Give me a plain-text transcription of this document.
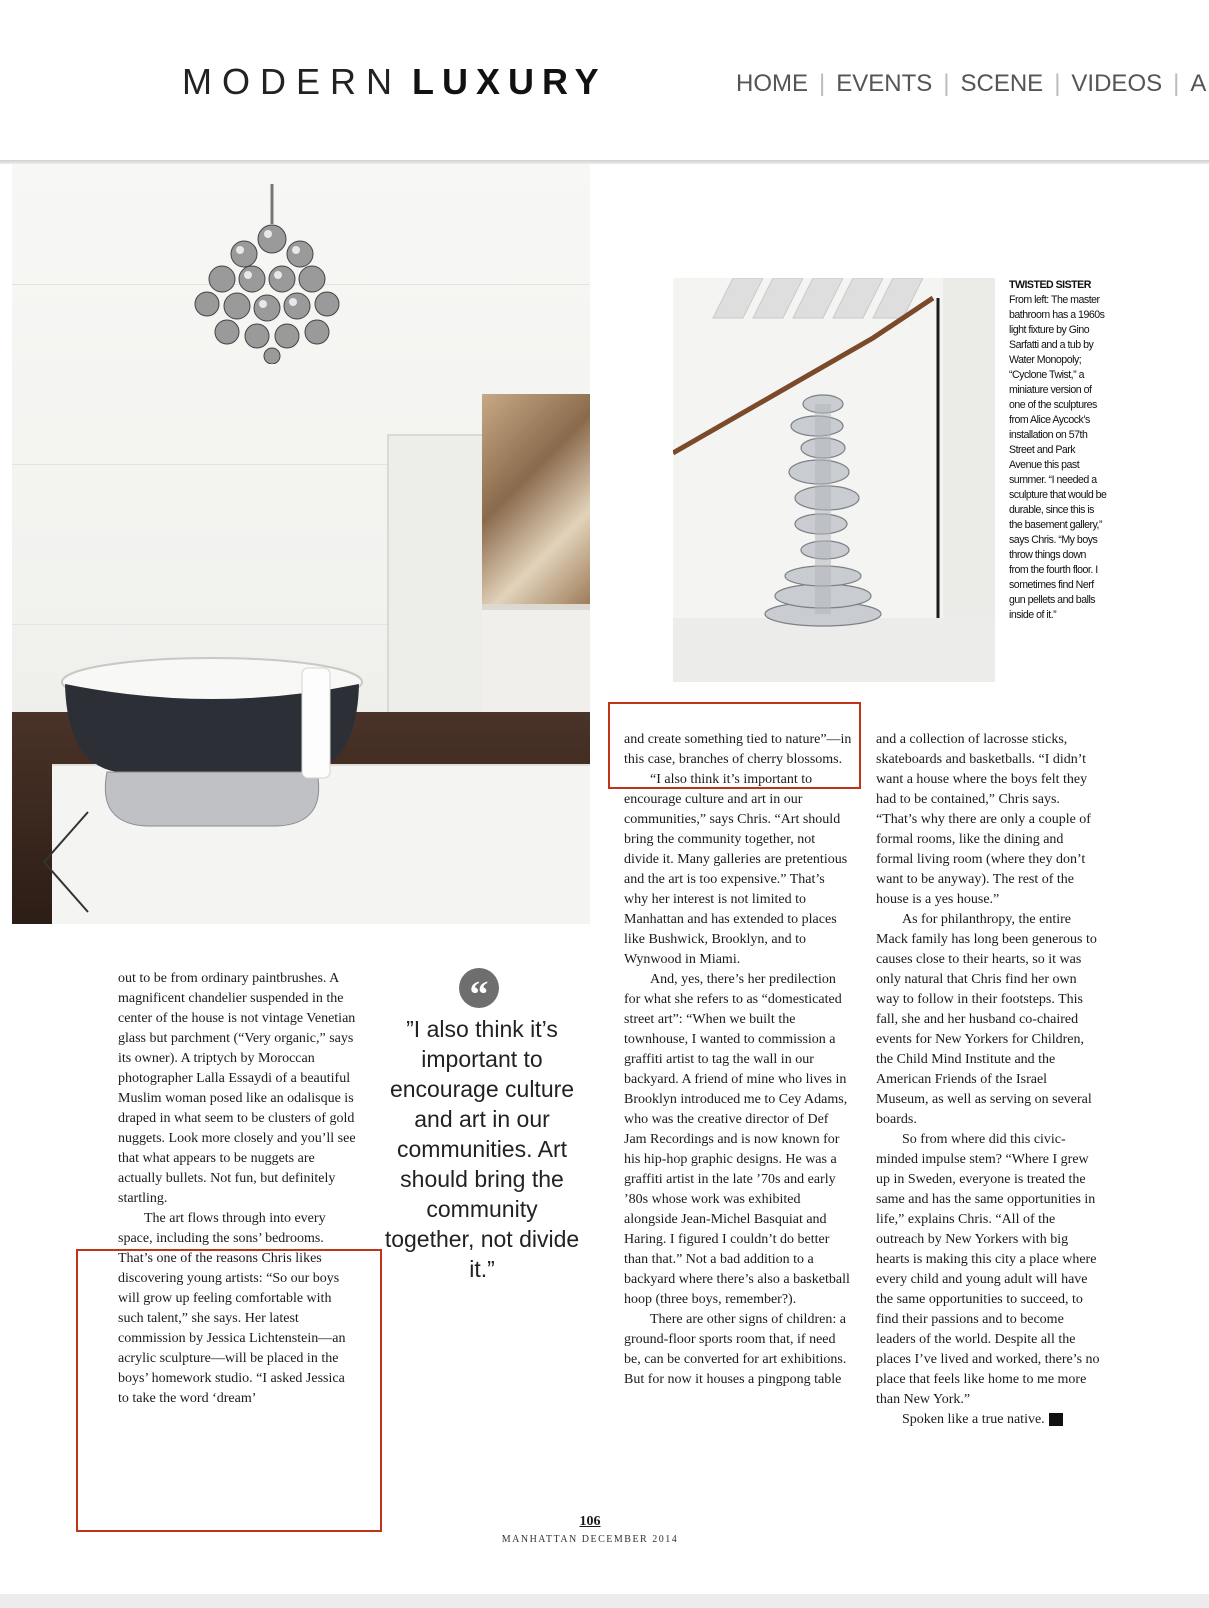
MODERN LUXURY	HOME | EVENTS | SCENE | VIDEOS | A
TWISTED SISTER
From left: The master bathroom has a 1960s light fixture by Gino Sarfatti and a tub by Water Monopoly; “Cyclone Twist,” a miniature version of one of the sculptures from Alice Aycock’s installation on 57th Street and Park Avenue this past summer. “I needed a sculpture that would be durable, since this is the basement gallery,” says Chris. “My boys throw things down from the fourth floor. I sometimes find Nerf gun pellets and balls inside of it.”

out to be from ordinary paintbrushes. A magnificent chandelier suspended in the center of the house is not vintage Venetian glass but parchment (“Very organic,” says its owner). A triptych by Moroccan photographer Lalla Essaydi of a beautiful Muslim woman posed like an odalisque is draped in what seem to be clusters of gold nuggets. Look more closely and you’ll see that what appears to be nuggets are actually bullets. Not fun, but definitely startling.

The art flows through into every space, including the sons’ bedrooms. That’s one of the reasons Chris likes discovering young artists: “So our boys will grow up feeling comfortable with such talent,” she says. Her latest commission by Jessica Lichtenstein—an acrylic sculpture—will be placed in the boys’ homework studio. “I asked Jessica to take the word ‘dream’

“
”I also think it’s important to encourage culture and art in our communities. Art should bring the community together, not divide it.”

and create something tied to nature”—in this case, branches of cherry blossoms.

“I also think it’s important to encourage culture and art in our communities,” says Chris. “Art should bring the community together, not divide it. Many galleries are pretentious and the art is too expensive.” That’s why her interest is not limited to Manhattan and has extended to places like Bushwick, Brooklyn, and to Wynwood in Miami.

And, yes, there’s her predilection for what she refers to as “domesticated street art”: “When we built the townhouse, I wanted to commission a graffiti artist to tag the wall in our backyard. A friend of mine who lives in Brooklyn introduced me to Cey Adams, who was the creative director of Def Jam Recordings and is now known for his hip-hop graphic designs. He was a graffiti artist in the late ’70s and early ’80s whose work was exhibited alongside Jean-Michel Basquiat and Haring. I figured I couldn’t do better than that.” Not a bad addition to a backyard where there’s also a basketball hoop (three boys, remember?).

There are other signs of children: a ground-floor sports room that, if need be, can be converted for art exhibitions. But for now it houses a pingpong table

and a collection of lacrosse sticks, skateboards and basketballs. “I didn’t want a house where the boys felt they had to be contained,” Chris says. “That’s why there are only a couple of formal rooms, like the dining and formal living room (where they don’t want to be anyway). The rest of the house is a yes house.”

As for philanthropy, the entire Mack family has long been generous to causes close to their hearts, so it was only natural that Chris find her own way to follow in their footsteps. This fall, she and her husband co-chaired events for New Yorkers for Children, the Child Mind Institute and the American Friends of the Israel Museum, as well as serving on several boards.

So from where did this civic-minded impulse stem? “Where I grew up in Sweden, everyone is treated the same and has the same opportunities in life,” explains Chris. “All of the outreach by New Yorkers with big hearts is making this city a place where every child and young adult will have the same opportunities to succeed, to find their passions and to become leaders of the world. Despite all the places I’ve lived and worked, there’s no place that feels like home to me more than New York.”

Spoken like a true native.	M

106
MANHATTAN DECEMBER 2014
